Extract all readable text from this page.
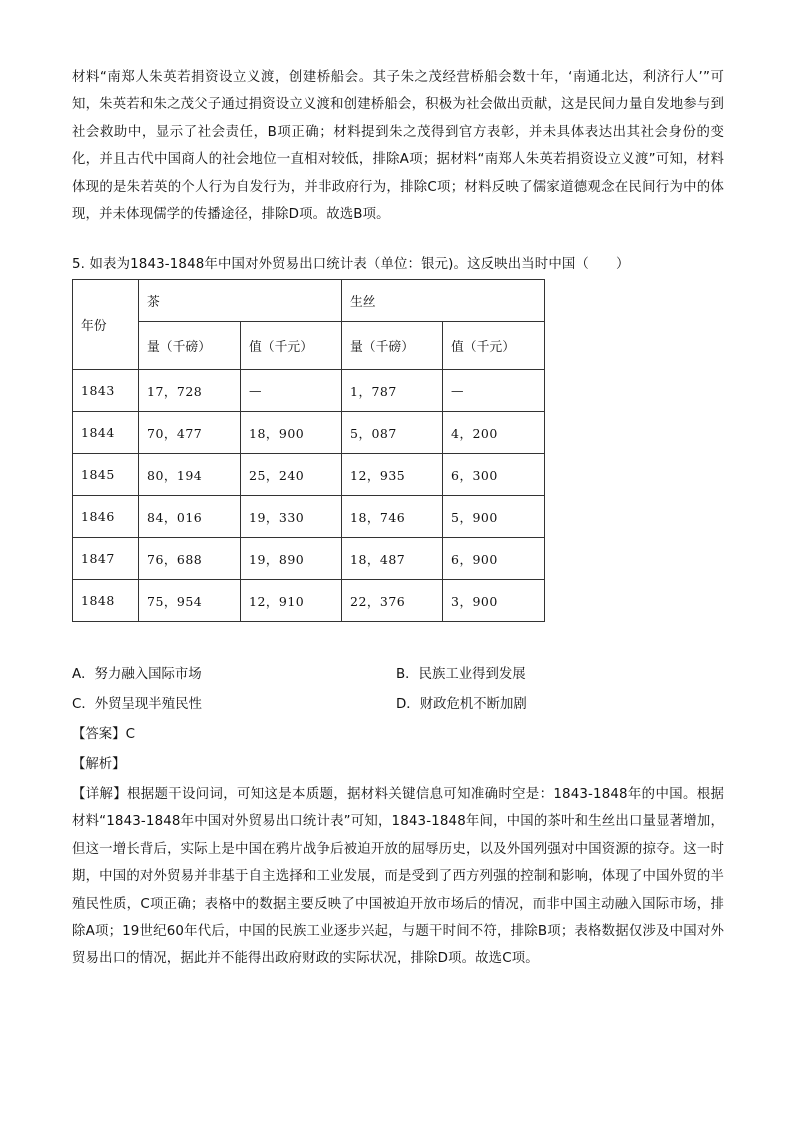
材料“南郑人朱英若捐资设立义渡，创建桥船会。其子朱之茂经营桥船会数十年，‘南通北达，利济行人’”可知，朱英若和朱之茂父子通过捐资设立义渡和创建桥船会，积极为社会做出贡献，这是民间力量自发地参与到社会救助中，显示了社会责任，B项正确；材料提到朱之茂得到官方表彰，并未具体表达出其社会身份的变化，并且古代中国商人的社会地位一直相对较低，排除A项；据材料“南郑人朱英若捐资设立义渡”可知，材料体现的是朱若英的个人行为自发行为，并非政府行为，排除C项；材料反映了儒家道德观念在民间行为中的体现，并未体现儒学的传播途径，排除D项。故选B项。
5. 如表为1843-1848年中国对外贸易出口统计表（单位：银元)。这反映出当时中国（　　）
年份	茶		生丝	
	量（千磅）	值（千元）	量（千磅）	值（千元）
1843	17，728	—	1，787	—
1844	70，477	18，900	5，087	4，200
1845	80，194	25，240	12，935	6，300
1846	84，016	19，330	18，746	5，900
1847	76，688	19，890	18，487	6，900
1848	75，954	12，910	22，376	3，900
A．努力融入国际市场	B．民族工业得到发展
C．外贸呈现半殖民性	D．财政危机不断加剧
【答案】C
【解析】
【详解】根据题干设问词，可知这是本质题，据材料关键信息可知准确时空是：1843-1848年的中国。根据材料“1843-1848年中国对外贸易出口统计表”可知，1843-1848年间，中国的茶叶和生丝出口量显著增加，但这一增长背后，实际上是中国在鸦片战争后被迫开放的屈辱历史，以及外国列强对中国资源的掠夺。这一时期，中国的对外贸易并非基于自主选择和工业发展，而是受到了西方列强的控制和影响，体现了中国外贸的半殖民性质，C项正确；表格中的数据主要反映了中国被迫开放市场后的情况，而非中国主动融入国际市场，排除A项；19世纪60年代后，中国的民族工业逐步兴起，与题干时间不符，排除B项；表格数据仅涉及中国对外贸易出口的情况，据此并不能得出政府财政的实际状况，排除D项。故选C项。
